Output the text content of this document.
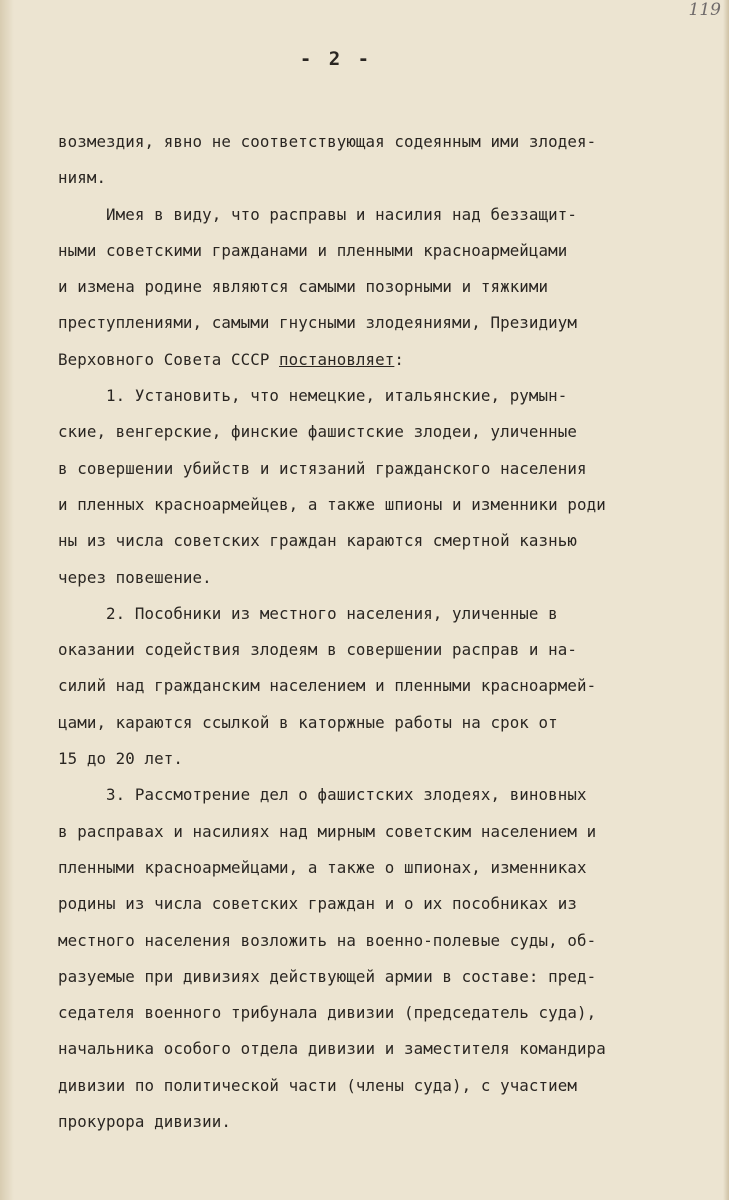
119
- 2 -
возмездия, явно не соответствующая содеянным ими злодея-
ниям.
Имея в виду, что расправы и насилия над беззащит-
ными советскими гражданами и пленными красноармейцами
и измена родине являются самыми позорными и тяжкими
преступлениями, самыми гнусными злодеяниями, Президиум
Верховного Совета СССР постановляет:
1. Установить, что немецкие, итальянские, румын-
ские, венгерские, финские фашистские злодеи, уличенные
в совершении убийств и истязаний гражданского населения
и пленных красноармейцев, а также шпионы и изменники роди
ны из числа советских граждан караются смертной казнью
через повешение.
2. Пособники из местного населения, уличенные в
оказании содействия злодеям в совершении расправ и на-
силий над гражданским населением и пленными красноармей-
цами, караются ссылкой в каторжные работы на срок от
15 до 20 лет.
3. Рассмотрение дел о фашистских злодеях, виновных
в расправах и насилиях над мирным советским населением и
пленными красноармейцами, а также о шпионах, изменниках
родины из числа советских граждан и о их пособниках из
местного населения возложить на военно-полевые суды, об-
разуемые при дивизиях действующей армии в составе: пред-
седателя военного трибунала дивизии (председатель суда),
начальника особого отдела дивизии и заместителя командира
дивизии по политической части (члены суда), с участием
прокурора дивизии.
